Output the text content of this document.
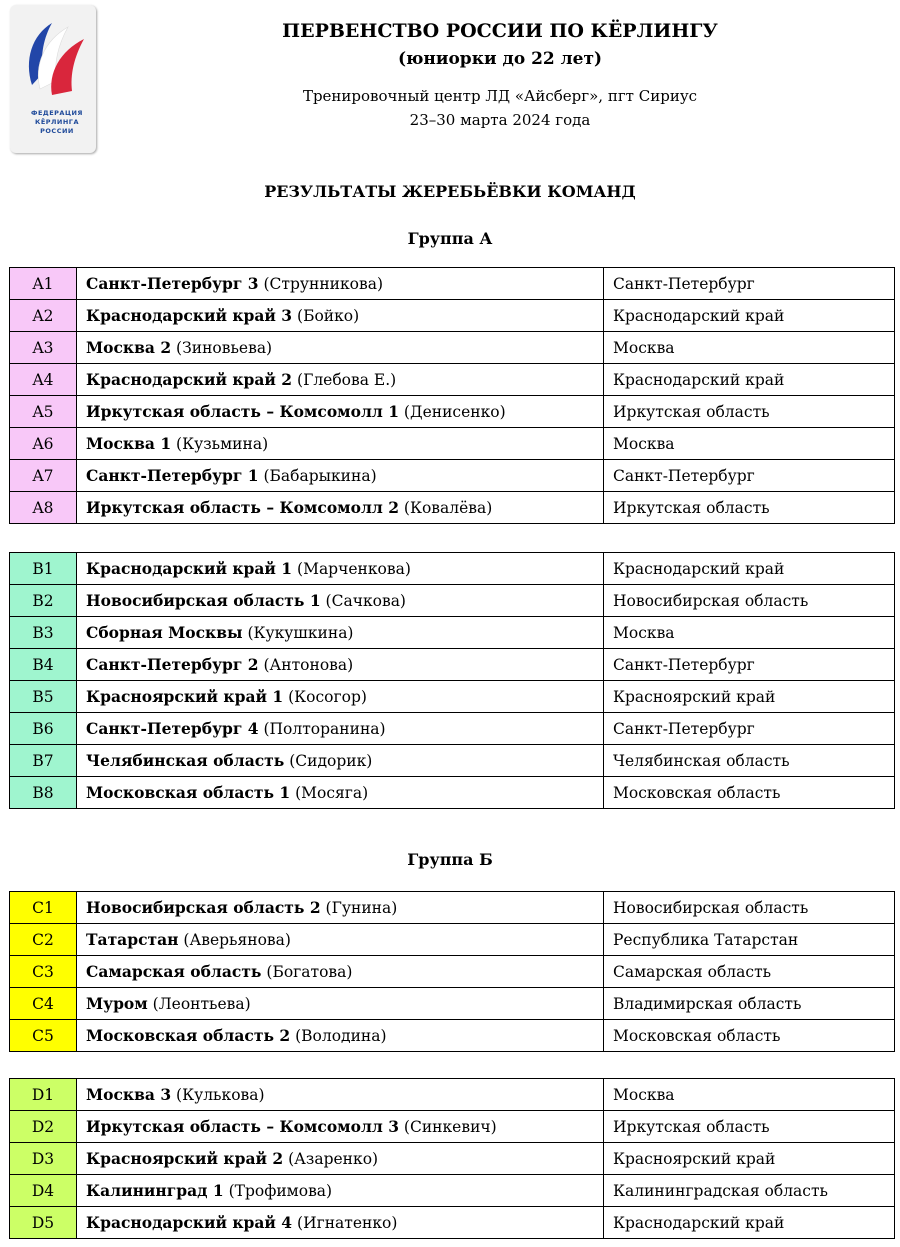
ФЕДЕРАЦИЯ
КЁРЛИНГА
РОССИИ
ПЕРВЕНСТВО РОССИИ ПО КЁРЛИНГУ
(юниорки до 22 лет)
Тренировочный центр ЛД «Айсберг», пгт Сириус
23–30 марта 2024 года
РЕЗУЛЬТАТЫ ЖЕРЕБЬЁВКИ КОМАНД
Группа А
A1	Санкт-Петербург 3 (Струнникова)	Санкт-Петербург
A2	Краснодарский край 3 (Бойко)	Краснодарский край
A3	Москва 2 (Зиновьева)	Москва
A4	Краснодарский край 2 (Глебова Е.)	Краснодарский край
A5	Иркутская область – Комсомолл 1 (Денисенко)	Иркутская область
A6	Москва 1 (Кузьмина)	Москва
A7	Санкт-Петербург 1 (Бабарыкина)	Санкт-Петербург
A8	Иркутская область – Комсомолл 2 (Ковалёва)	Иркутская область
B1	Краснодарский край 1 (Марченкова)	Краснодарский край
B2	Новосибирская область 1 (Сачкова)	Новосибирская область
B3	Сборная Москвы (Кукушкина)	Москва
B4	Санкт-Петербург 2 (Антонова)	Санкт-Петербург
B5	Красноярский край 1 (Косогор)	Красноярский край
B6	Санкт-Петербург 4 (Полторанина)	Санкт-Петербург
B7	Челябинская область (Сидорик)	Челябинская область
B8	Московская область 1 (Мосяга)	Московская область
Группа Б
C1	Новосибирская область 2 (Гунина)	Новосибирская область
C2	Татарстан (Аверьянова)	Республика Татарстан
C3	Самарская область (Богатова)	Самарская область
C4	Муром (Леонтьева)	Владимирская область
C5	Московская область 2 (Володина)	Московская область
D1	Москва 3 (Кулькова)	Москва
D2	Иркутская область – Комсомолл 3 (Синкевич)	Иркутская область
D3	Красноярский край 2 (Азаренко)	Красноярский край
D4	Калининград 1 (Трофимова)	Калининградская область
D5	Краснодарский край 4 (Игнатенко)	Краснодарский край
